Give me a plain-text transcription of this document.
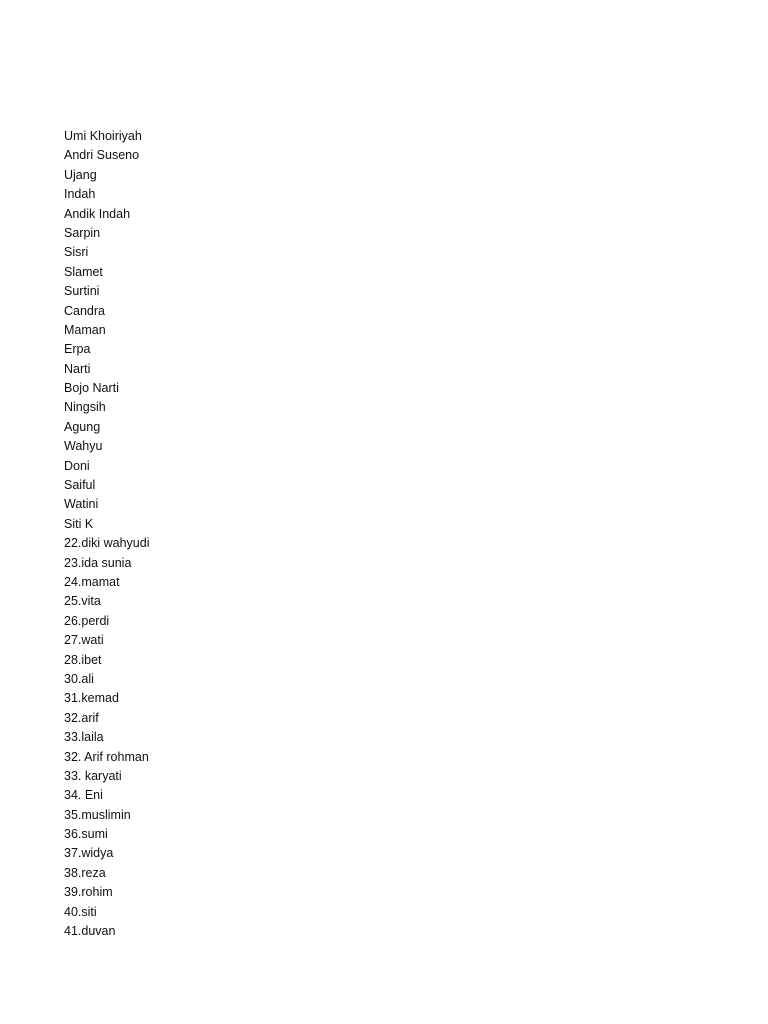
Umi Khoiriyah
Andri Suseno
Ujang
Indah
Andik Indah
Sarpin
Sisri
Slamet
Surtini
Candra
Maman
Erpa
Narti
Bojo Narti
Ningsih
Agung
Wahyu
Doni
Saiful
Watini
Siti K
22.diki wahyudi
23.ida sunia
24.mamat
25.vita
26.perdi
27.wati
28.ibet
30.ali
31.kemad
32.arif
33.laila
32. Arif rohman
33. karyati
34. Eni
35.muslimin
36.sumi
37.widya
38.reza
39.rohim
40.siti
41.duvan
